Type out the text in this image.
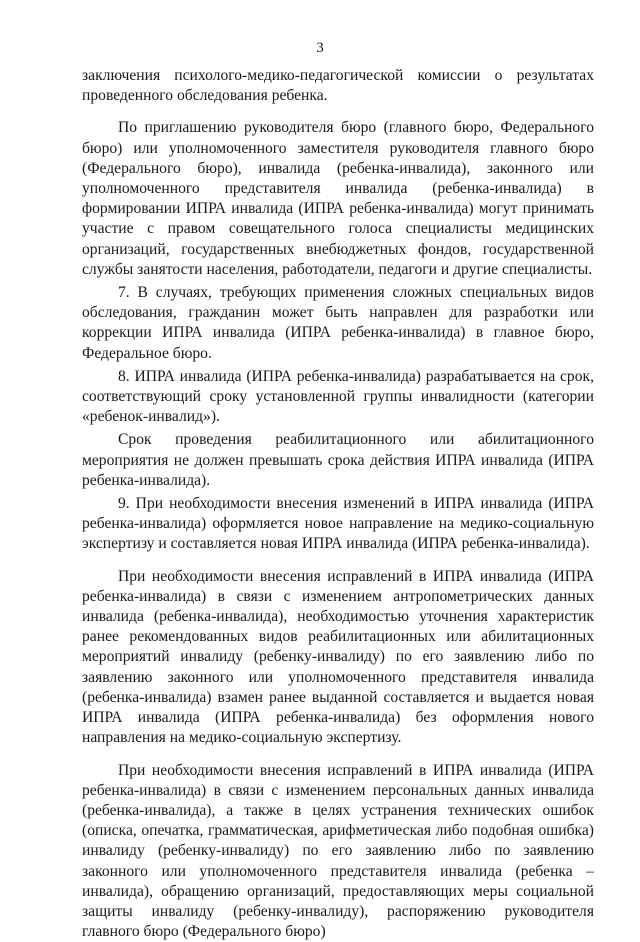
3

заключения психолого-медико-педагогической комиссии о результатах проведенного обследования ребенка.

По приглашению руководителя бюро (главного бюро, Федерального бюро) или уполномоченного заместителя руководителя главного бюро (Федерального бюро), инвалида (ребенка-инвалида), законного или уполномоченного представителя инвалида (ребенка-инвалида) в формировании ИПРА инвалида (ИПРА ребенка-инвалида) могут принимать участие с правом совещательного голоса специалисты медицинских организаций, государственных внебюджетных фондов, государственной службы занятости населения, работодатели, педагоги и другие специалисты.

7. В случаях, требующих применения сложных специальных видов обследования, гражданин может быть направлен для разработки или коррекции ИПРА инвалида (ИПРА ребенка-инвалида) в главное бюро, Федеральное бюро.

8. ИПРА инвалида (ИПРА ребенка-инвалида) разрабатывается на срок, соответствующий сроку установленной группы инвалидности (категории «ребенок-инвалид»).

Срок проведения реабилитационного или абилитационного мероприятия не должен превышать срока действия ИПРА инвалида (ИПРА ребенка-инвалида).

9. При необходимости внесения изменений в ИПРА инвалида (ИПРА ребенка-инвалида) оформляется новое направление на медико-социальную экспертизу и составляется новая ИПРА инвалида (ИПРА ребенка-инвалида).

При необходимости внесения исправлений в ИПРА инвалида (ИПРА ребенка-инвалида) в связи с изменением антропометрических данных инвалида (ребенка-инвалида), необходимостью уточнения характеристик ранее рекомендованных видов реабилитационных или абилитационных мероприятий инвалиду (ребенку-инвалиду) по его заявлению либо по заявлению законного или уполномоченного представителя инвалида (ребенка-инвалида) взамен ранее выданной составляется и выдается новая ИПРА инвалида (ИПРА ребенка-инвалида) без оформления нового направления на медико-социальную экспертизу.

При необходимости внесения исправлений в ИПРА инвалида (ИПРА ребенка-инвалида) в связи с изменением персональных данных инвалида (ребенка-инвалида), а также в целях устранения технических ошибок (описка, опечатка, грамматическая, арифметическая либо подобная ошибка) инвалиду (ребенку-инвалиду) по его заявлению либо по заявлению законного или уполномоченного представителя инвалида (ребенка – инвалида), обращению организаций, предоставляющих меры социальной защиты инвалиду (ребенку-инвалиду), распоряжению руководителя главного бюро (Федерального бюро)
